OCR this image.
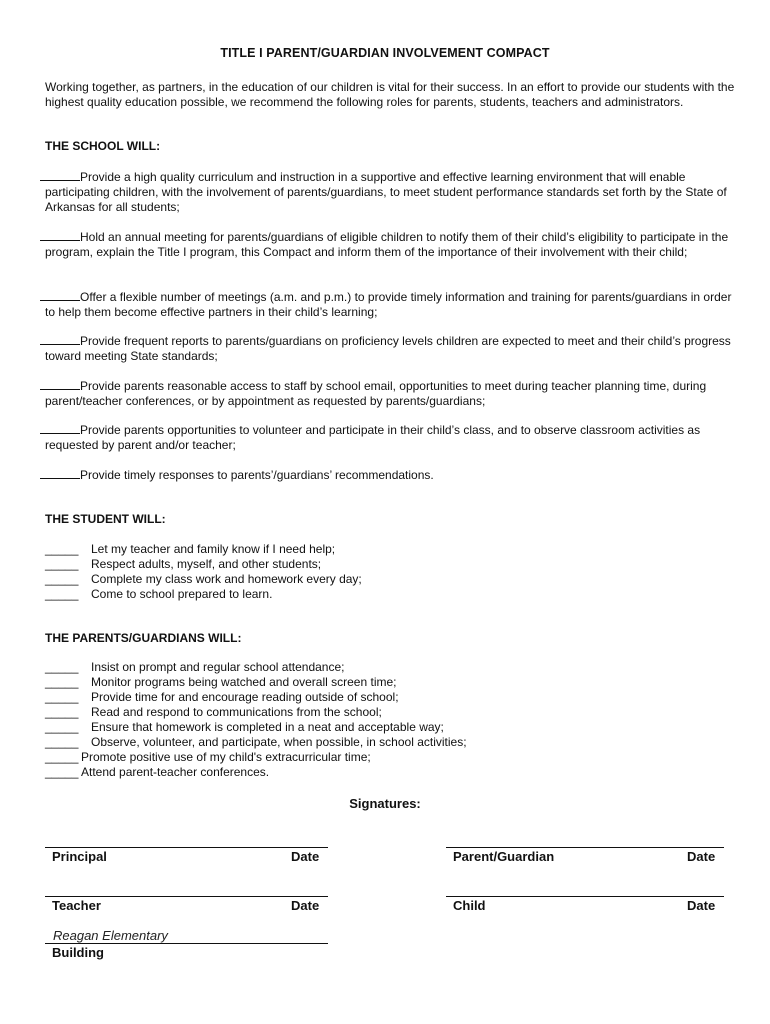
TITLE I PARENT/GUARDIAN INVOLVEMENT COMPACT
Working together, as partners, in the education of our children is vital for their success. In an effort to provide our students with the highest quality education possible, we recommend the following roles for parents, students, teachers and administrators.
THE SCHOOL WILL:
Provide a high quality curriculum and instruction in a supportive and effective learning environment that will enable participating children, with the involvement of parents/guardians, to meet student performance standards set forth by the State of Arkansas for all students;
Hold an annual meeting for parents/guardians of eligible children to notify them of their child’s eligibility to participate in the program, explain the Title I program, this Compact and inform them of the importance of their involvement with their child;
Offer a flexible number of meetings (a.m. and p.m.) to provide timely information and training for parents/guardians in order to help them become effective partners in their child’s learning;
Provide frequent reports to parents/guardians on proficiency levels children are expected to meet and their child’s progress toward meeting State standards;
Provide parents reasonable access to staff by school email, opportunities to meet during teacher planning time, during parent/teacher conferences, or by appointment as requested by parents/guardians;
Provide parents opportunities to volunteer and participate in their child’s class, and to observe classroom activities as requested by parent and/or teacher;
Provide timely responses to parents’/guardians’ recommendations.
THE STUDENT WILL:
_____ Let my teacher and family know if I need help;
_____ Respect adults, myself, and other students;
_____ Complete my class work and homework every day;
_____ Come to school prepared to learn.
THE PARENTS/GUARDIANS WILL:
_____ Insist on prompt and regular school attendance;
_____ Monitor programs being watched and overall screen time;
_____ Provide time for and encourage reading outside of school;
_____ Read and respond to communications from the school;
_____ Ensure that homework is completed in a neat and acceptable way;
_____ Observe, volunteer, and participate, when possible, in school activities;
_____ Promote positive use of my child's extracurricular time;
_____ Attend parent-teacher conferences.
Signatures:
Principal	Date	Parent/Guardian	Date
Teacher	Date	Child	Date
Reagan Elementary
Building
